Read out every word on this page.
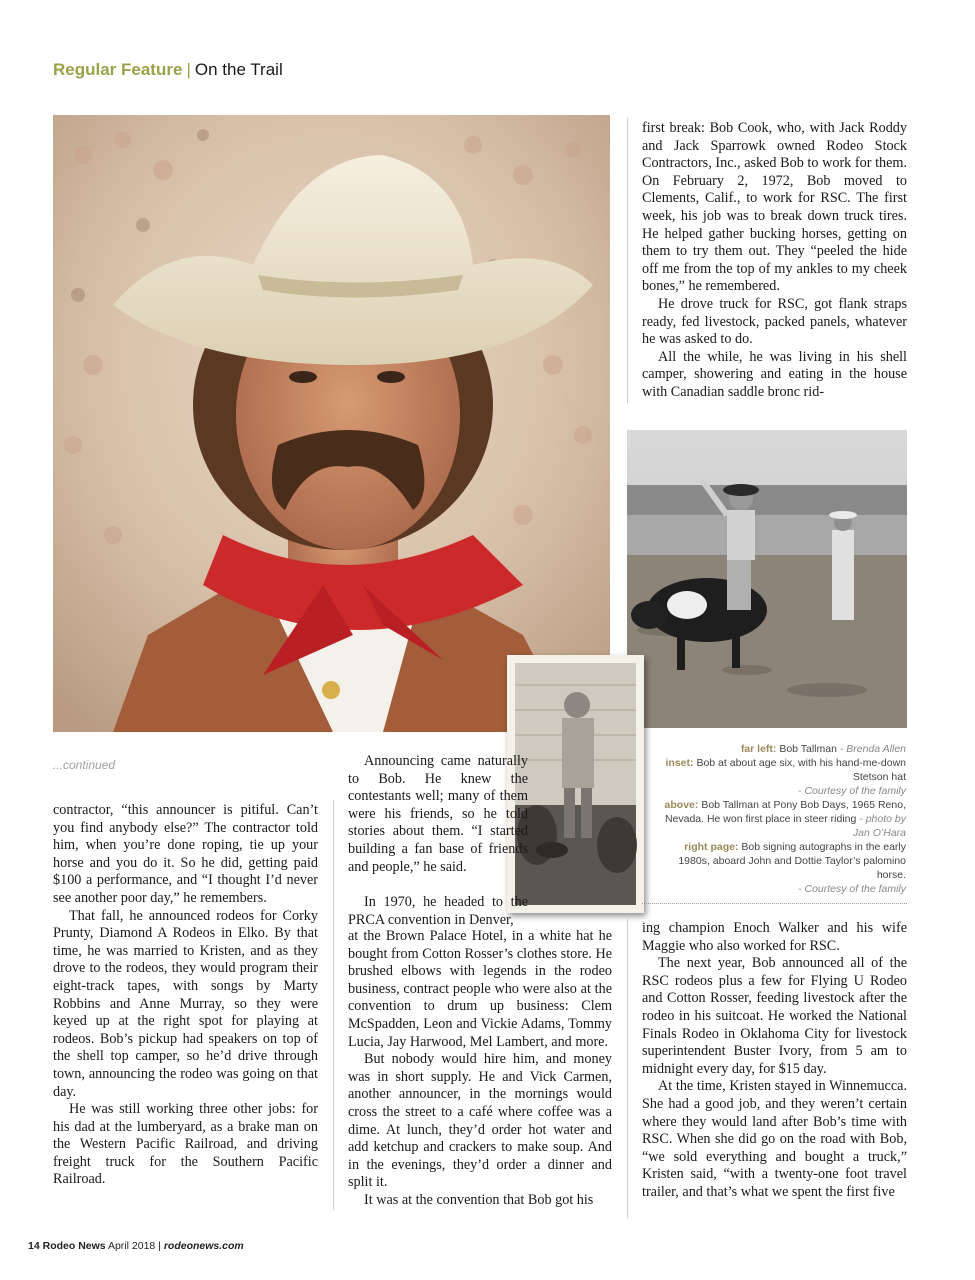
Regular Feature | On the Trail
...continued

contractor, “this announcer is pitiful. Can’t you find anybody else?” The contractor told him, when you’re done roping, tie up your horse and you do it. So he did, getting paid $100 a performance, and “I thought I’d never see another poor day,” he remembers.

That fall, he announced rodeos for Corky Prunty, Diamond A Rodeos in Elko. By that time, he was married to Kristen, and as they drove to the rodeos, they would program their eight-track tapes, with songs by Marty Robbins and Anne Murray, so they were keyed up at the right spot for playing at rodeos. Bob’s pickup had speakers on top of the shell top camper, so he’d drive through town, announcing the rodeo was going on that day.

He was still working three other jobs: for his dad at the lumberyard, as a brake man on the Western Pacific Railroad, and driving freight truck for the Southern Pacific Railroad.

Announcing came naturally to Bob. He knew the contestants well; many of them were his friends, so he told stories about them. “I started building a fan base of friends and people,” he said.

In 1970, he headed to the PRCA convention in Denver,

at the Brown Palace Hotel, in a white hat he bought from Cotton Rosser’s clothes store. He brushed elbows with legends in the rodeo business, contract people who were also at the convention to drum up business: Clem McSpadden, Leon and Vickie Adams, Tommy Lucia, Jay Harwood, Mel Lambert, and more.

But nobody would hire him, and money was in short supply. He and Vick Carmen, another announcer, in the mornings would cross the street to a café where coffee was a dime. At lunch, they’d order hot water and add ketchup and crackers to make soup. And in the evenings, they’d order a dinner and split it.

It was at the convention that Bob got his

first break: Bob Cook, who, with Jack Roddy and Jack Sparrowk owned Rodeo Stock Contractors, Inc., asked Bob to work for them. On February 2, 1972, Bob moved to Clements, Calif., to work for RSC. The first week, his job was to break down truck tires. He helped gather bucking horses, getting on them to try them out. They “peeled the hide off me from the top of my ankles to my cheek bones,” he remembered.

He drove truck for RSC, got flank straps ready, fed livestock, packed panels, whatever he was asked to do.

All the while, he was living in his shell camper, showering and eating in the house with Canadian saddle bronc rid-

far left: Bob Tallman - Brenda Allen
inset: Bob at about age six, with his hand-me-down Stetson hat
- Courtesy of the family
above: Bob Tallman at Pony Bob Days, 1965 Reno, Nevada. He won first place in steer riding - photo by Jan O’Hara
right page: Bob signing autographs in the early 1980s, aboard John and Dottie Taylor’s palomino horse.
- Courtesy of the family

ing champion Enoch Walker and his wife Maggie who also worked for RSC.

The next year, Bob announced all of the RSC rodeos plus a few for Flying U Rodeo and Cotton Rosser, feeding livestock after the rodeo in his suitcoat. He worked the National Finals Rodeo in Oklahoma City for livestock superintendent Buster Ivory, from 5 am to midnight every day, for $15 day.

At the time, Kristen stayed in Winnemucca. She had a good job, and they weren’t certain where they would land after Bob’s time with RSC. When she did go on the road with Bob, “we sold everything and bought a truck,” Kristen said, “with a twenty-one foot travel trailer, and that’s what we spent the first five

14 Rodeo News April 2018 | rodeonews.com
